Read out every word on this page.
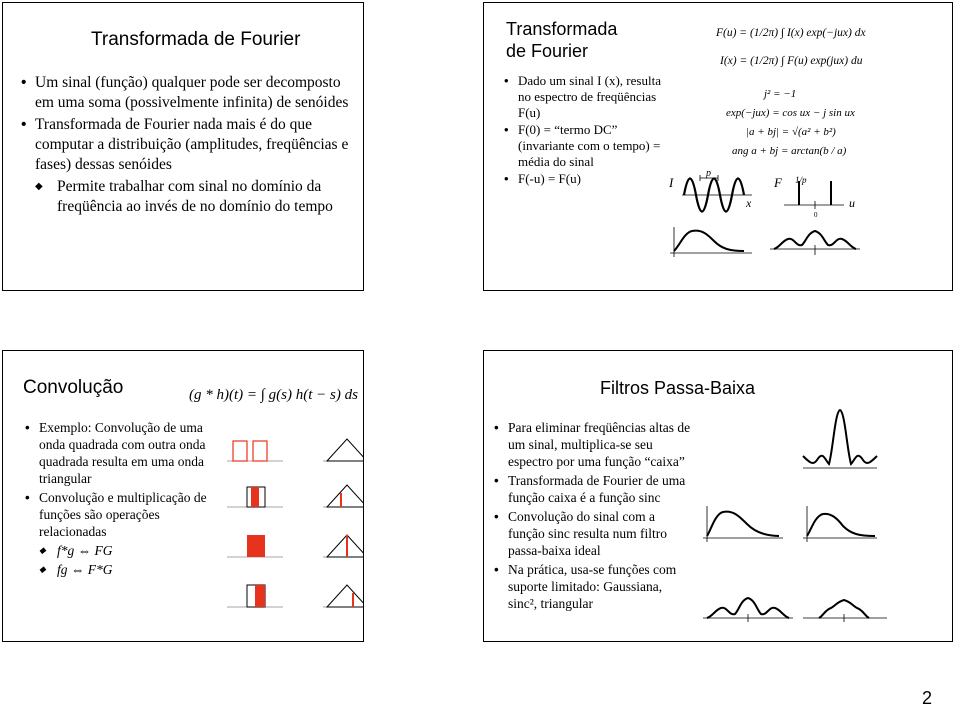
Transformada de Fourier
• Um sinal (função) qualquer pode ser decomposto em uma soma (possivelmente infinita) de senóides
• Transformada de Fourier nada mais é do que computar a distribuição (amplitudes, freqüências e fases) dessas senóides
◆ Permite trabalhar com sinal no domínio da freqüência ao invés de no domínio do tempo
Transformada
de Fourier
• Dado um sinal I (x), resulta no espectro de freqüências F(u)
• F(0) = “termo DC” (invariante com o tempo) = média do sinal
• F(-u) = F(u)
F(u) = (1/2π) ∫ I(x) exp(−jux) dx
I(x) = (1/2π) ∫ F(u) exp(jux) du
j² = −1
exp(−jux) = cos ux − j sin ux
|a + bj| = √(a² + b²)
ang a + bj = arctan(b / a)
I
p
x
F 1/p
0
u
Convolução	(g * h)(t) = ∫ g(s) h(t − s) ds
• Exemplo: Convolução de uma onda quadrada com outra onda quadrada resulta em uma onda triangular
• Convolução e multiplicação de funções são operações relacionadas
◆ f*g ⇔ FG
◆ fg ⇔ F*G
Filtros Passa-Baixa
• Para eliminar freqüências altas de um sinal, multiplica-se seu espectro por uma função “caixa”
• Transformada de Fourier de uma função caixa é a função sinc
• Convolução do sinal com a função sinc resulta num filtro passa-baixa ideal
• Na prática, usa-se funções com suporte limitado: Gaussiana, sinc², triangular
2
